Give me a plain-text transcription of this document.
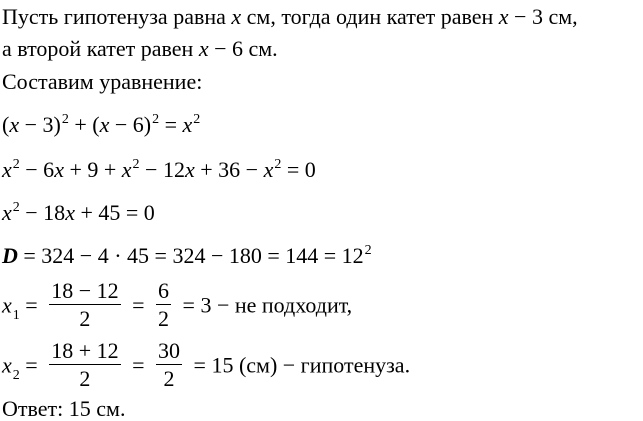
Пусть гипотенуза равна x см, тогда один катет равен x − 3 см,
а второй катет равен x − 6 см.
Составим уравнение:
$(x - 3)^2 + (x - 6)^2 = x^2$
$x^2 - 6x + 9 + x^2 - 12x + 36 - x^2 = 0$
$x^2 - 18x + 45 = 0$
$D = 324 - 4 \cdot 45 = 324 - 180 = 144 = 12^2$
$x_1 = \frac{18 - 12}{2} = \frac{6}{2} = 3$ − не подходит,
$x_2 = \frac{18 + 12}{2} = \frac{30}{2} = 15$ (см) − гипотенуза.
Ответ: 15 см.
